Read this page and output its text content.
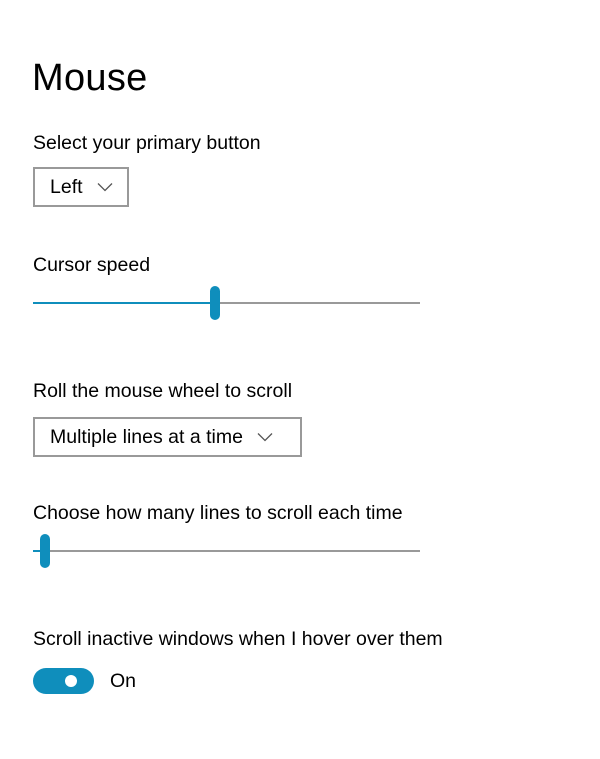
Mouse
Select your primary button
Left
Cursor speed
Roll the mouse wheel to scroll
Multiple lines at a time
Choose how many lines to scroll each time
Scroll inactive windows when I hover over them
On
